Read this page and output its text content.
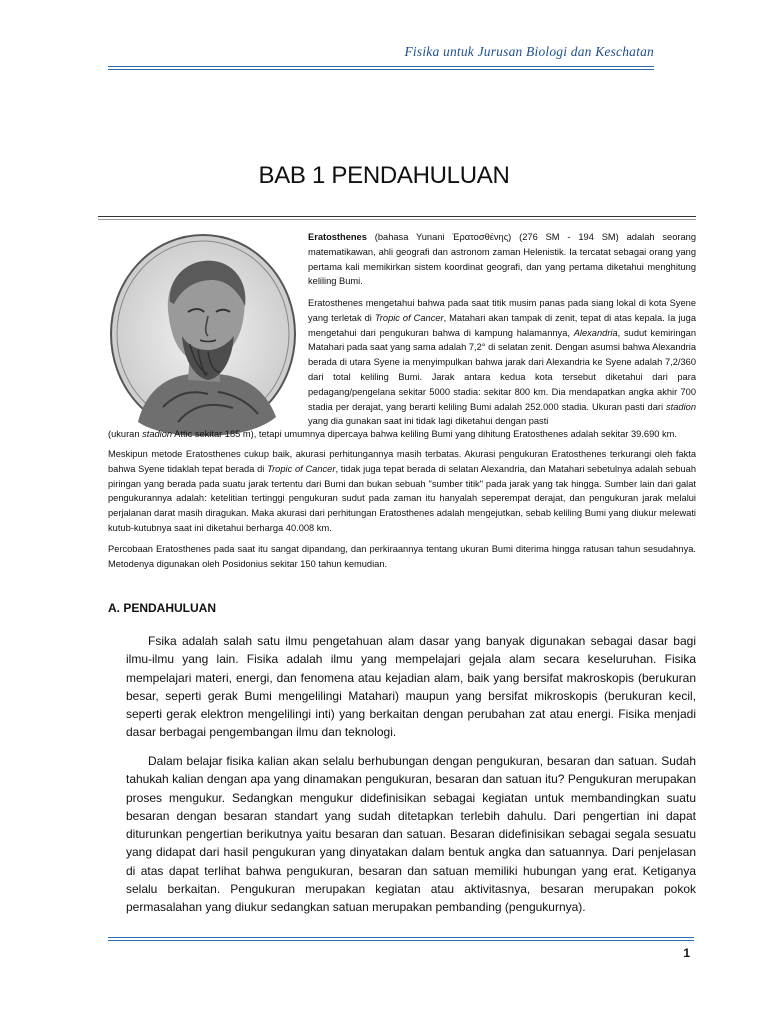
Fisika untuk Jurusan Biologi dan Keschatan
BAB 1 PENDAHULUAN
Eratosthenes (bahasa Yunani Ἐρατοσθένης) (276 SM - 194 SM) adalah seorang matematikawan, ahli geografi dan astronom zaman Helenistik. Ia tercatat sebagai orang yang pertama kali memikirkan sistem koordinat geografi, dan yang pertama diketahui menghitung keliling Bumi.
Eratosthenes mengetahui bahwa pada saat titik musim panas pada siang lokal di kota Syene yang terletak di Tropic of Cancer, Matahari akan tampak di zenit, tepat di atas kepala. Ia juga mengetahui dari pengukuran bahwa di kampung halamannya, Alexandria, sudut kemiringan Matahari pada saat yang sama adalah 7,2° di selatan zenit. Dengan asumsi bahwa Alexandria berada di utara Syene ia menyimpulkan bahwa jarak dari Alexandria ke Syene adalah 7,2/360 dari total keliling Bumi. Jarak antara kedua kota tersebut diketahui dari para pedagang/pengelana sekitar 5000 stadia: sekitar 800 km. Dia mendapatkan angka akhir 700 stadia per derajat, yang berarti keliling Bumi adalah 252.000 stadia. Ukuran pasti dari stadion yang dia gunakan saat ini tidak lagi diketahui dengan pasti
(ukuran stadion Attic sekitar 185 m), tetapi umumnya dipercaya bahwa keliling Bumi yang dihitung Eratosthenes adalah sekitar 39.690 km.
Meskipun metode Eratosthenes cukup baik, akurasi perhitungannya masih terbatas. Akurasi pengukuran Eratosthenes terkurangi oleh fakta bahwa Syene tidaklah tepat berada di Tropic of Cancer, tidak juga tepat berada di selatan Alexandria, dan Matahari sebetulnya adalah sebuah piringan yang berada pada suatu jarak tertentu dari Bumi dan bukan sebuah "sumber titik" pada jarak yang tak hingga. Sumber lain dari galat pengukurannya adalah: ketelitian tertinggi pengukuran sudut pada zaman itu hanyalah seperempat derajat, dan pengukuran jarak melalui perjalanan darat masih diragukan. Maka akurasi dari perhitungan Eratosthenes adalah mengejutkan, sebab keliling Bumi yang diukur melewati kutub-kutubnya saat ini diketahui berharga 40.008 km.
Percobaan Eratosthenes pada saat itu sangat dipandang, dan perkiraannya tentang ukuran Bumi diterima hingga ratusan tahun sesudahnya. Metodenya digunakan oleh Posidonius sekitar 150 tahun kemudian.
A. PENDAHULUAN
Fsika adalah salah satu ilmu pengetahuan alam dasar yang banyak digunakan sebagai dasar bagi ilmu-ilmu yang lain. Fisika adalah ilmu yang mempelajari gejala alam secara keseluruhan. Fisika mempelajari materi, energi, dan fenomena atau kejadian alam, baik yang bersifat makroskopis (berukuran besar, seperti gerak Bumi mengelilingi Matahari) maupun yang bersifat mikroskopis (berukuran kecil, seperti gerak elektron mengelilingi inti) yang berkaitan dengan perubahan zat atau energi. Fisika menjadi dasar berbagai pengembangan ilmu dan teknologi.
Dalam belajar fisika kalian akan selalu berhubungan dengan pengukuran, besaran dan satuan. Sudah tahukah kalian dengan apa yang dinamakan pengukuran, besaran dan satuan itu? Pengukuran merupakan proses mengukur. Sedangkan mengukur didefinisikan sebagai kegiatan untuk membandingkan suatu besaran dengan besaran standart yang sudah ditetapkan terlebih dahulu. Dari pengertian ini dapat diturunkan pengertian berikutnya yaitu besaran dan satuan. Besaran didefinisikan sebagai segala sesuatu yang didapat dari hasil pengukuran yang dinyatakan dalam bentuk angka dan satuannya. Dari penjelasan di atas dapat terlihat bahwa pengukuran, besaran dan satuan memiliki hubungan yang erat. Ketiganya selalu berkaitan. Pengukuran merupakan kegiatan atau aktivitasnya, besaran merupakan pokok permasalahan yang diukur sedangkan satuan merupakan pembanding (pengukurnya).
1
